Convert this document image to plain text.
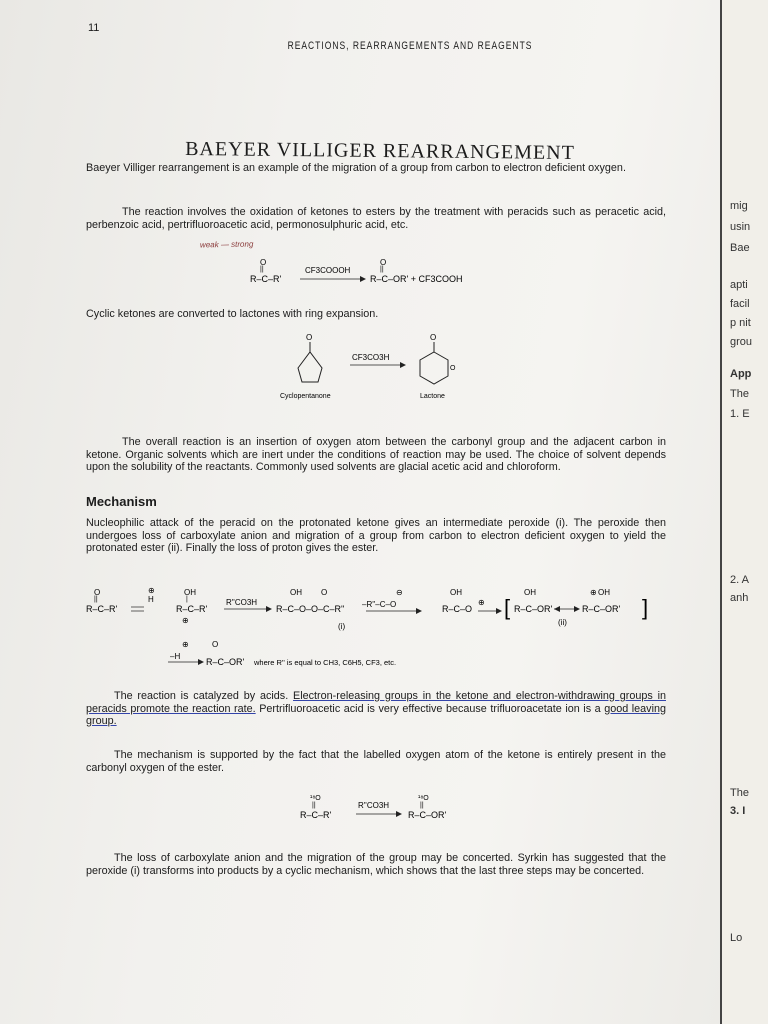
11
REACTIONS, REARRANGEMENTS AND REAGENTS
BAEYER VILLIGER REARRANGEMENT
Baeyer Villiger rearrangement is an example of the migration of a group from carbon to electron deficient oxygen.
The reaction involves the oxidation of ketones to esters by the treatment with peracids such as peracetic acid, perbenzoic acid, pertrifluoroacetic acid, permonosulphuric acid, etc.
weak — strong
O
||
R–C–R'
CF3COOOH
O
||
R–C–OR' + CF3COOH
Cyclic ketones are converted to lactones with ring expansion.
O
CF3CO3H
O
O
Cyclopentanone	Lactone
The overall reaction is an insertion of oxygen atom between the carbonyl group and the adjacent carbon in ketone. Organic solvents which are inert under the conditions of reaction may be used. The choice of solvent depends upon the solubility of the reactants. Commonly used solvents are glacial acetic acid and chloroform.
Mechanism
Nucleophilic attack of the peracid on the protonated ketone gives an intermediate peroxide (i). The peroxide then undergoes loss of carboxylate anion and migration of a group from carbon to electron deficient oxygen to yield the protonated ester (ii). Finally the loss of proton gives the ester.
O
||
R–C–R'
⊕
H
OH
|
R–C–R'
⊕
R''CO3H
OH O
R–C–O–O–C–R''
(i)
–R''–C–O
⊖	OH
R–C–O
⊕ [
OH
R–C–OR'
(ii)
OH
⊕
R–C–OR' ]
⊕
–H
O
R–C–OR' where R'' is equal to CH3, C6H5, CF3, etc.
The reaction is catalyzed by acids. Electron-releasing groups in the ketone and electron-withdrawing groups in peracids promote the reaction rate. Pertrifluoroacetic acid is very effective because trifluoroacetate ion is a good leaving group.
The mechanism is supported by the fact that the labelled oxygen atom of the ketone is entirely present in the carbonyl oxygen of the ester.
¹⁸O
||
R–C–R'
R''CO3H
¹⁸O
||
R–C–OR'
The loss of carboxylate anion and the migration of the group may be concerted. Syrkin has suggested that the peroxide (i) transforms into products by a cyclic mechanism, which shows that the last three steps may be concerted.
mig
usin
Bae
apti
facil
p nit
grou
App
The
1. E
2. A
anh
The
3. I
Lo
